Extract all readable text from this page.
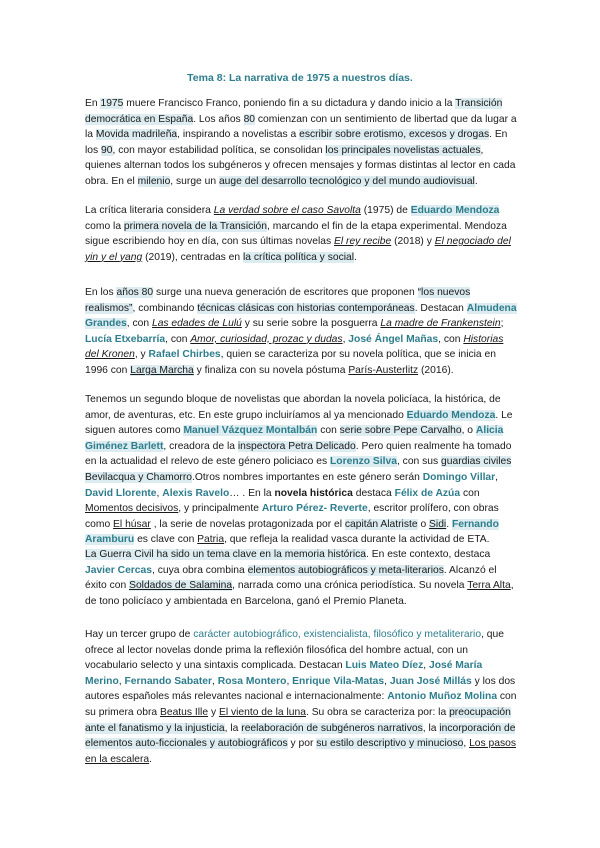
Tema 8: La narrativa de 1975 a nuestros días.

En 1975 muere Francisco Franco, poniendo fin a su dictadura y dando inicio a la Transición democrática en España. Los años 80 comienzan con un sentimiento de libertad que da lugar a la Movida madrileña, inspirando a novelistas a escribir sobre erotismo, excesos y drogas. En los 90, con mayor estabilidad política, se consolidan los principales novelistas actuales, quienes alternan todos los subgéneros y ofrecen mensajes y formas distintas al lector en cada obra. En el milenio, surge un auge del desarrollo tecnológico y del mundo audiovisual.

La crítica literaria considera La verdad sobre el caso Savolta (1975) de Eduardo Mendoza como la primera novela de la Transición, marcando el fin de la etapa experimental. Mendoza sigue escribiendo hoy en día, con sus últimas novelas El rey recibe (2018) y El negociado del yin y el yang (2019), centradas en la crítica política y social.

En los años 80 surge una nueva generación de escritores que proponen “los nuevos realismos”, combinando técnicas clásicas con historias contemporáneas. Destacan Almudena Grandes, con Las edades de Lulú y su serie sobre la posguerra La madre de Frankenstein; Lucía Etxebarría, con Amor, curiosidad, prozac y dudas, José Ángel Mañas, con Historias del Kronen, y Rafael Chirbes, quien se caracteriza por su novela política, que se inicia en 1996 con Larga Marcha y finaliza con su novela póstuma París-Austerlitz (2016).

Tenemos un segundo bloque de novelistas que abordan la novela policíaca, la histórica, de amor, de aventuras, etc. En este grupo incluiríamos al ya mencionado Eduardo Mendoza. Le siguen autores como Manuel Vázquez Montalbán con serie sobre Pepe Carvalho, o Alicia Giménez Barlett, creadora de la inspectora Petra Delicado. Pero quien realmente ha tomado en la actualidad el relevo de este género policiaco es Lorenzo Silva, con sus guardias civiles Bevilacqua y Chamorro.Otros nombres importantes en este género serán Domingo Villar, David Llorente, Alexis Ravelo… . En la novela histórica destaca Félix de Azúa con Momentos decisivos, y principalmente Arturo Pérez- Reverte, escritor prolífero, con obras como El húsar , la serie de novelas protagonizada por el capitán Alatriste o Sidi. Fernando Aramburu es clave con Patria, que refleja la realidad vasca durante la actividad de ETA.

La Guerra Civil ha sido un tema clave en la memoria histórica. En este contexto, destaca Javier Cercas, cuya obra combina elementos autobiográficos y meta-literarios. Alcanzó el éxito con Soldados de Salamina, narrada como una crónica periodística. Su novela Terra Alta, de tono policíaco y ambientada en Barcelona, ganó el Premio Planeta.

Hay un tercer grupo de carácter autobiográfico, existencialista, filosófico y metaliterario, que ofrece al lector novelas donde prima la reflexión filosófica del hombre actual, con un vocabulario selecto y una sintaxis complicada. Destacan Luis Mateo Díez, José María Merino, Fernando Sabater, Rosa Montero, Enrique Vila-Matas, Juan José Millás y los dos autores españoles más relevantes nacional e internacionalmente: Antonio Muñoz Molina con su primera obra Beatus Ille y El viento de la luna. Su obra se caracteriza por: la preocupación ante el fanatismo y la injusticia, la reelaboración de subgéneros narrativos, la incorporación de elementos auto-ficcionales y autobiográficos y por su estilo descriptivo y minucioso, Los pasos en la escalera.
